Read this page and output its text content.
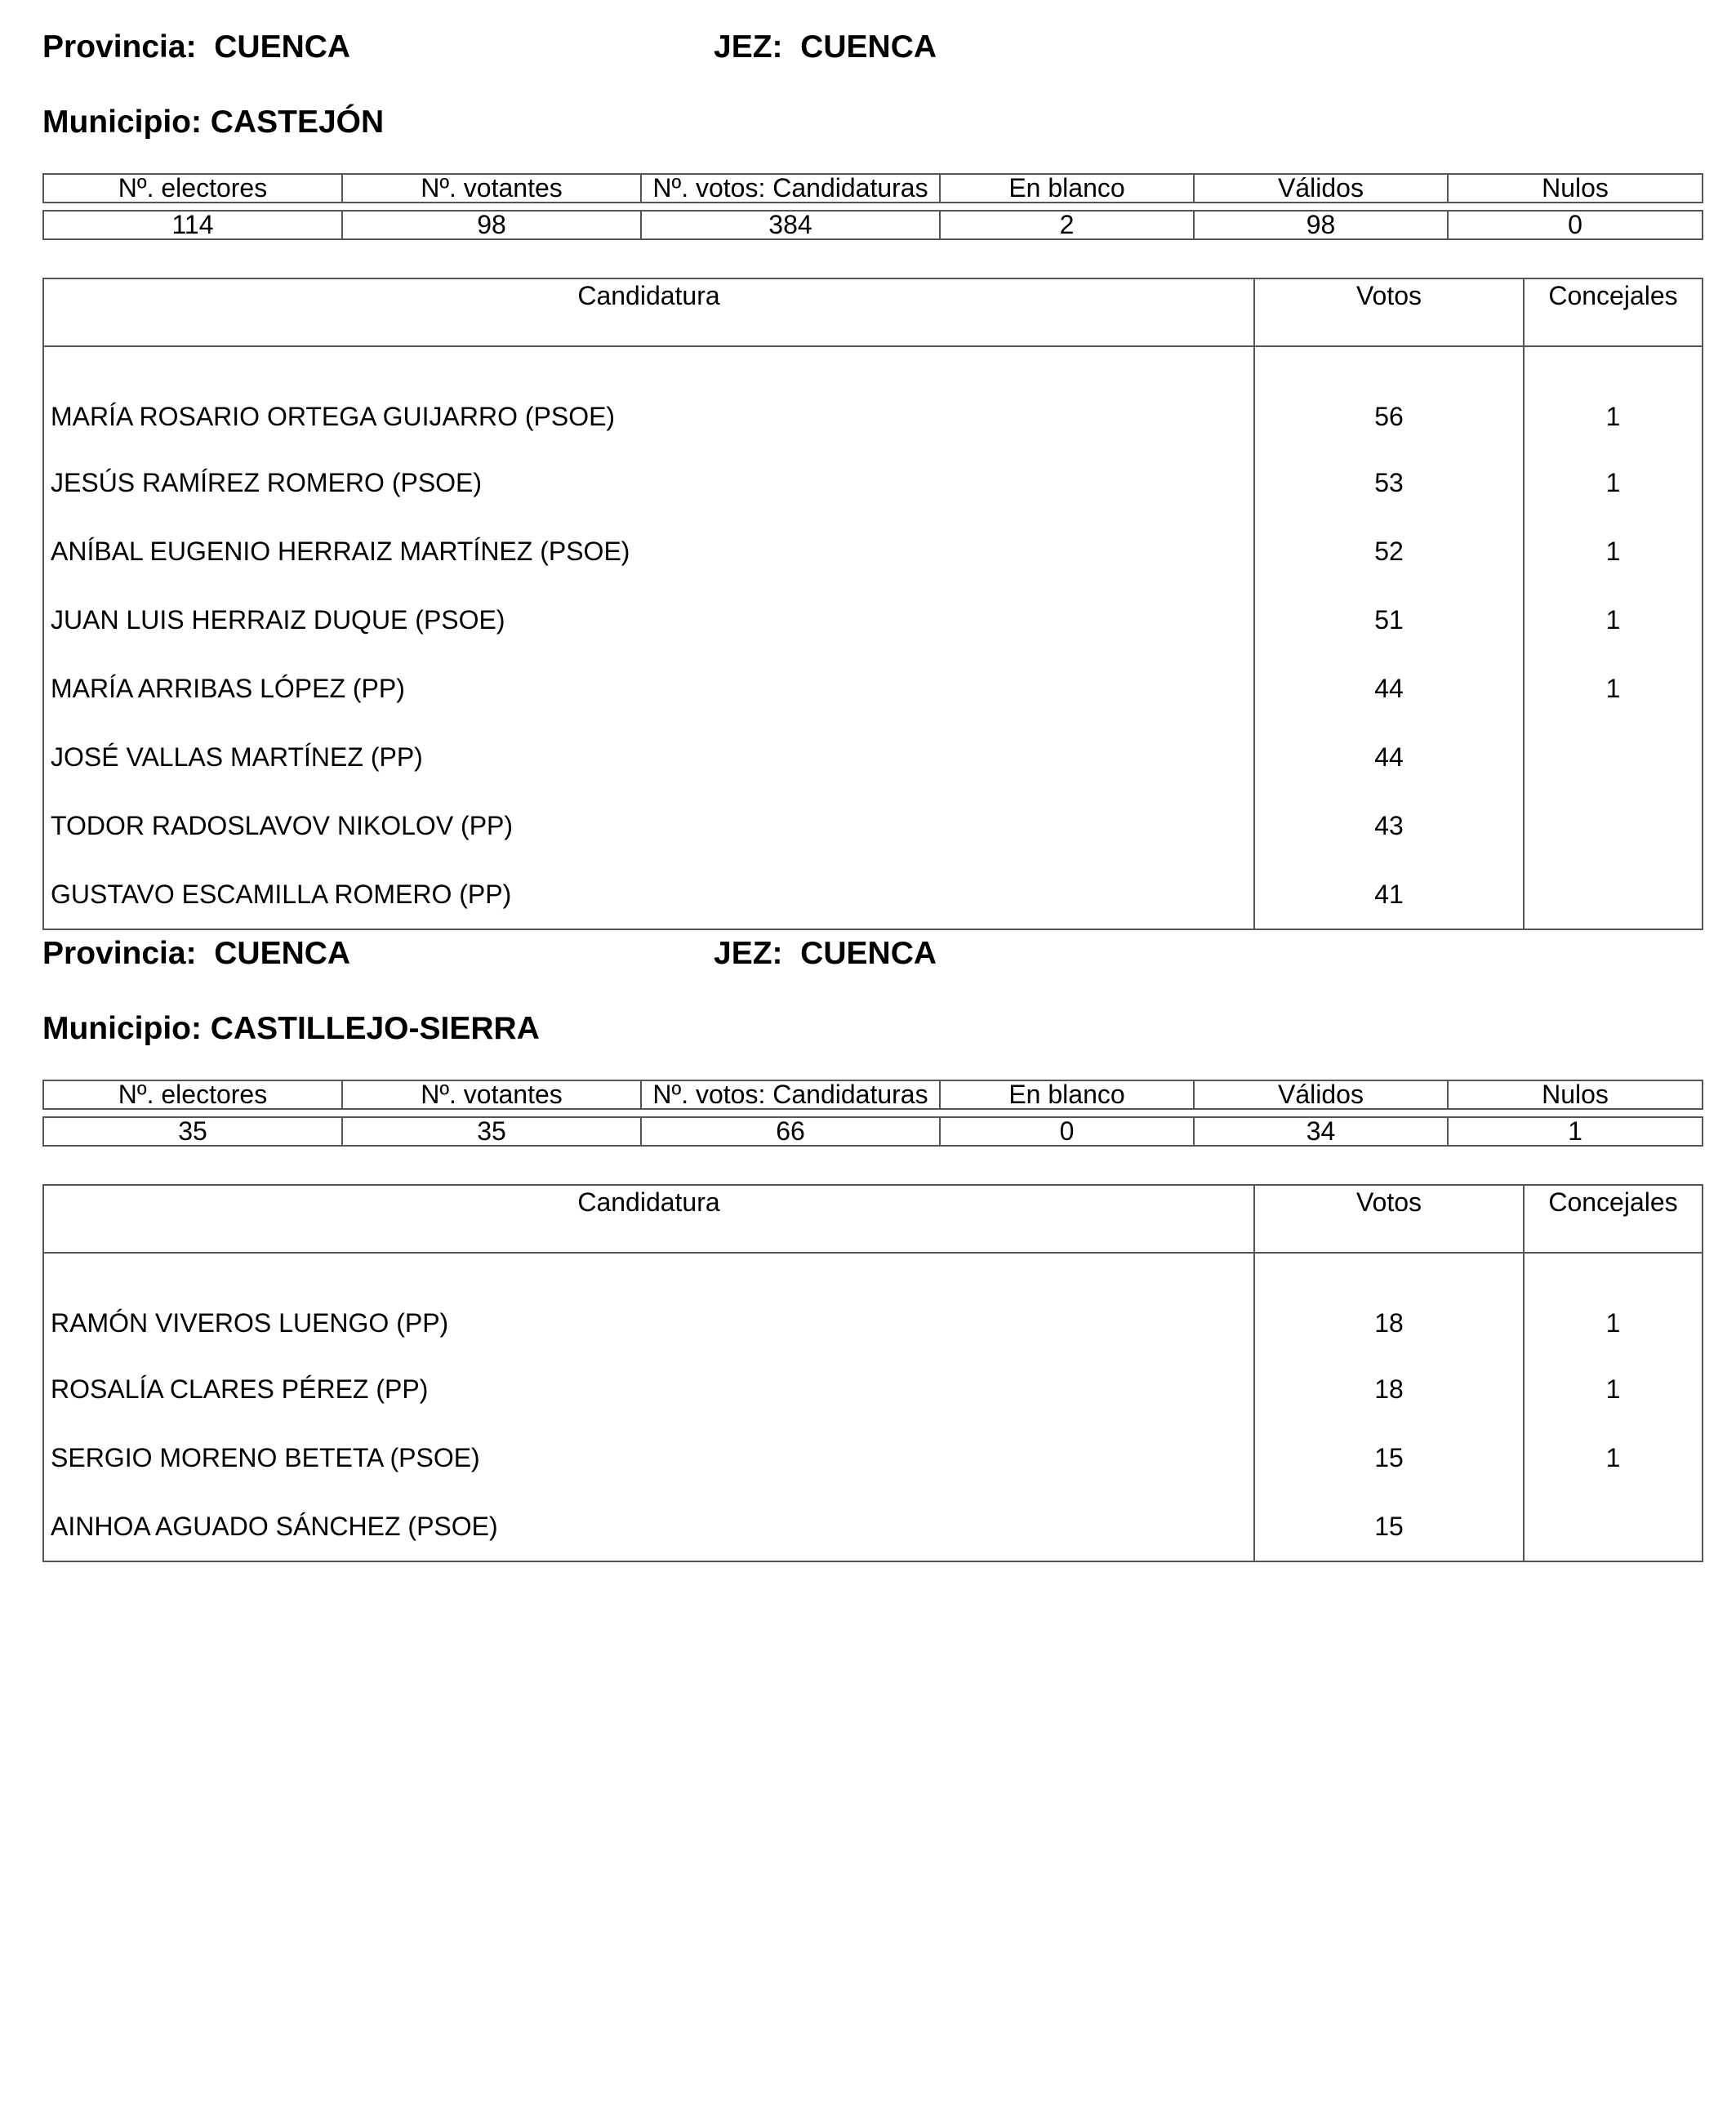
Provincia:  CUENCA	JEZ:  CUENCA
Municipio: CASTEJÓN
Nº. electores	Nº. votantes	Nº. votos: Candidaturas	En blanco	Válidos	Nulos

114	98	384	2	98	0
Candidatura	Votos	Concejales
MARÍA ROSARIO ORTEGA GUIJARRO (PSOE)	56	1
JESÚS RAMÍREZ ROMERO (PSOE)	53	1
ANÍBAL EUGENIO HERRAIZ MARTÍNEZ (PSOE)	52	1
JUAN LUIS HERRAIZ DUQUE (PSOE)	51	1
MARÍA ARRIBAS LÓPEZ (PP)	44	1
JOSÉ VALLAS MARTÍNEZ (PP)	44	
TODOR RADOSLAVOV NIKOLOV (PP)	43	
GUSTAVO ESCAMILLA ROMERO (PP)	41	
Provincia:  CUENCA	JEZ:  CUENCA
Municipio: CASTILLEJO-SIERRA
Nº. electores	Nº. votantes	Nº. votos: Candidaturas	En blanco	Válidos	Nulos

35	35	66	0	34	1
Candidatura	Votos	Concejales
RAMÓN VIVEROS LUENGO (PP)	18	1
ROSALÍA CLARES PÉREZ (PP)	18	1
SERGIO MORENO BETETA (PSOE)	15	1
AINHOA AGUADO SÁNCHEZ (PSOE)	15	
